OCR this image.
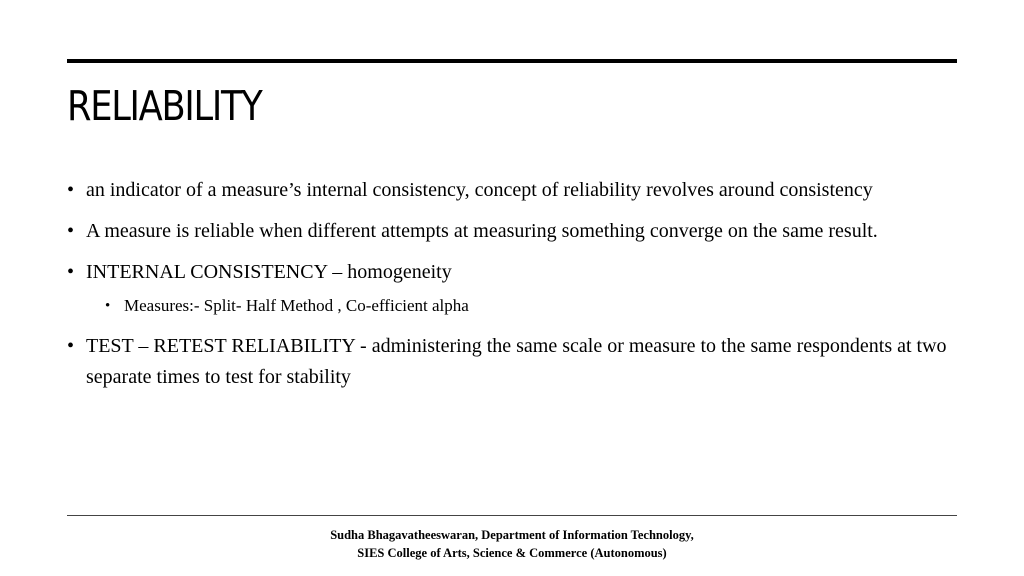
RELIABILITY
• an indicator of a measure’s internal consistency, concept of reliability revolves around consistency
• A measure is reliable when different attempts at measuring something converge on the same result.
• INTERNAL CONSISTENCY – homogeneity
• Measures:- Split- Half Method , Co-efficient alpha
• TEST – RETEST RELIABILITY - administering the same scale or measure to the same respondents at two separate times to test for stability
Sudha Bhagavatheeswaran, Department of Information Technology,
SIES College of Arts, Science & Commerce (Autonomous)
